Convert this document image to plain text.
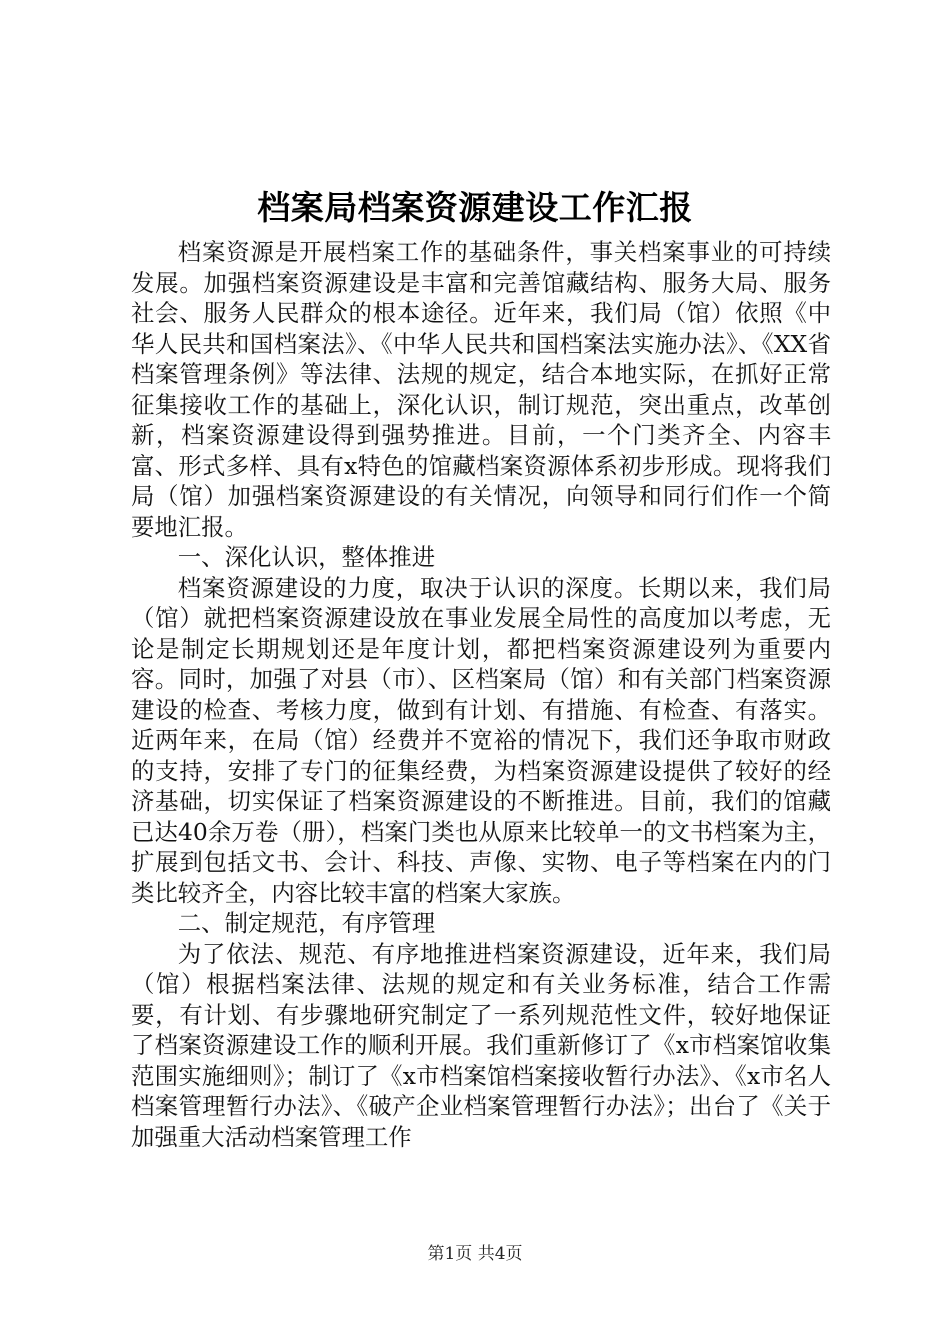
档案局档案资源建设工作汇报

档案资源是开展档案工作的基础条件，事关档案事业的可持续发展。加强档案资源建设是丰富和完善馆藏结构、服务大局、服务社会、服务人民群众的根本途径。近年来，我们局（馆）依照《中华人民共和国档案法》、《中华人民共和国档案法实施办法》、《XX省档案管理条例》等法律、法规的规定，结合本地实际，在抓好正常征集接收工作的基础上，深化认识，制订规范，突出重点，改革创新，档案资源建设得到强势推进。目前，一个门类齐全、内容丰富、形式多样、具有x特色的馆藏档案资源体系初步形成。现将我们局（馆）加强档案资源建设的有关情况，向领导和同行们作一个简要地汇报。

一、深化认识，整体推进

档案资源建设的力度，取决于认识的深度。长期以来，我们局（馆）就把档案资源建设放在事业发展全局性的高度加以考虑，无论是制定长期规划还是年度计划，都把档案资源建设列为重要内容。同时，加强了对县（市）、区档案局（馆）和有关部门档案资源建设的检查、考核力度，做到有计划、有措施、有检查、有落实。近两年来，在局（馆）经费并不宽裕的情况下，我们还争取市财政的支持，安排了专门的征集经费，为档案资源建设提供了较好的经济基础，切实保证了档案资源建设的不断推进。目前，我们的馆藏已达40余万卷（册），档案门类也从原来比较单一的文书档案为主，扩展到包括文书、会计、科技、声像、实物、电子等档案在内的门类比较齐全，内容比较丰富的档案大家族。

二、制定规范，有序管理

为了依法、规范、有序地推进档案资源建设，近年来，我们局（馆）根据档案法律、法规的规定和有关业务标准，结合工作需要，有计划、有步骤地研究制定了一系列规范性文件，较好地保证了档案资源建设工作的顺利开展。我们重新修订了《x市档案馆收集范围实施细则》；制订了《x市档案馆档案接收暂行办法》、《x市名人档案管理暂行办法》、《破产企业档案管理暂行办法》；出台了《关于加强重大活动档案管理工作

第1页 共4页
